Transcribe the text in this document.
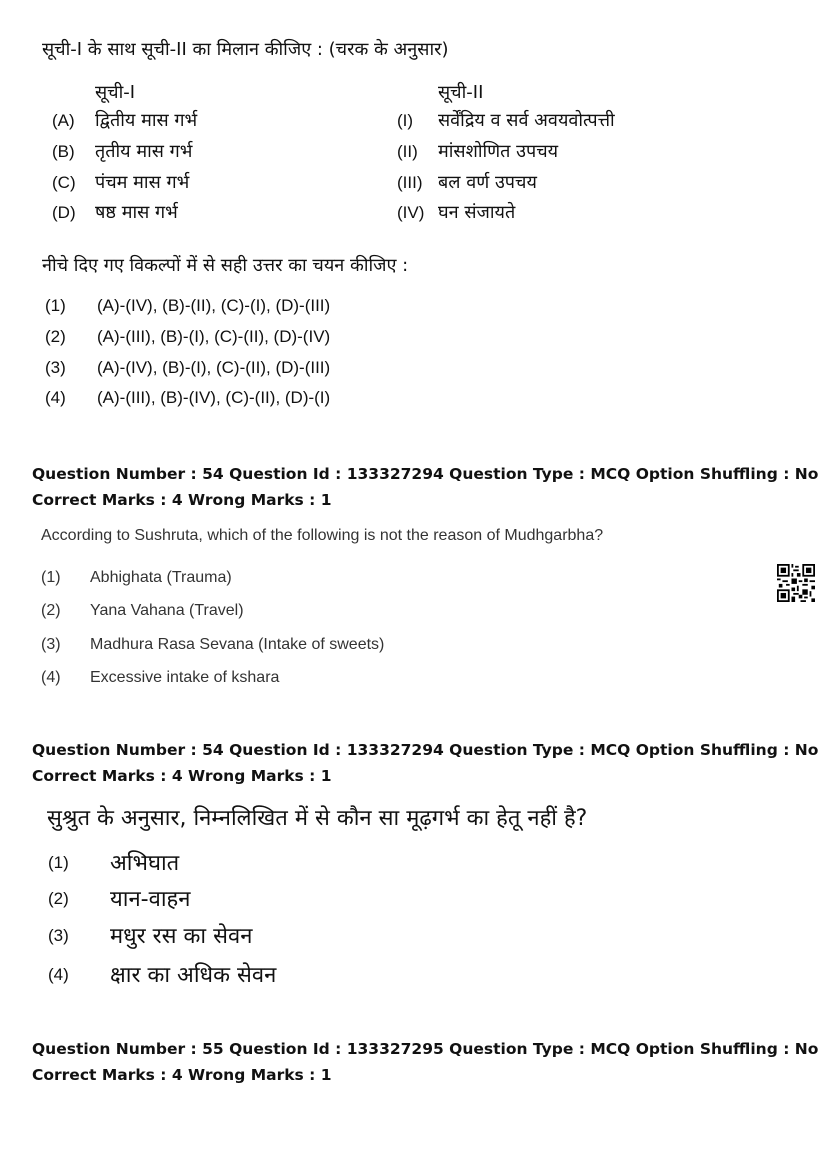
सूची-I के साथ सूची-II का मिलान कीजिए : (चरक के अनुसार)
सूची-I	सूची-II
(A) द्वितीय मास गर्भ	(I) सर्वेंद्रिय व सर्व अवयवोत्पत्ती
(B) तृतीय मास गर्भ	(II) मांसशोणित उपचय
(C) पंचम मास गर्भ	(III) बल वर्ण उपचय
(D) षष्ठ मास गर्भ	(IV) घन संजायते
नीचे दिए गए विकल्पों में से सही उत्तर का चयन कीजिए :
(1) (A)-(IV), (B)-(II), (C)-(I), (D)-(III)
(2) (A)-(III), (B)-(I), (C)-(II), (D)-(IV)
(3) (A)-(IV), (B)-(I), (C)-(II), (D)-(III)
(4) (A)-(III), (B)-(IV), (C)-(II), (D)-(I)
Question Number : 54 Question Id : 133327294 Question Type : MCQ Option Shuffling : No
Correct Marks : 4 Wrong Marks : 1
According to Sushruta, which of the following is not the reason of Mudhgarbha?
(1) Abhighata (Trauma)
(2) Yana Vahana (Travel)
(3) Madhura Rasa Sevana (Intake of sweets)
(4) Excessive intake of kshara
Question Number : 54 Question Id : 133327294 Question Type : MCQ Option Shuffling : No
Correct Marks : 4 Wrong Marks : 1
सुश्रुत के अनुसार, निम्नलिखित में से कौन सा मूढ़गर्भ का हेतू नहीं है?
(1) अभिघात
(2) यान-वाहन
(3) मधुर रस का सेवन
(4) क्षार का अधिक सेवन
Question Number : 55 Question Id : 133327295 Question Type : MCQ Option Shuffling : No
Correct Marks : 4 Wrong Marks : 1
